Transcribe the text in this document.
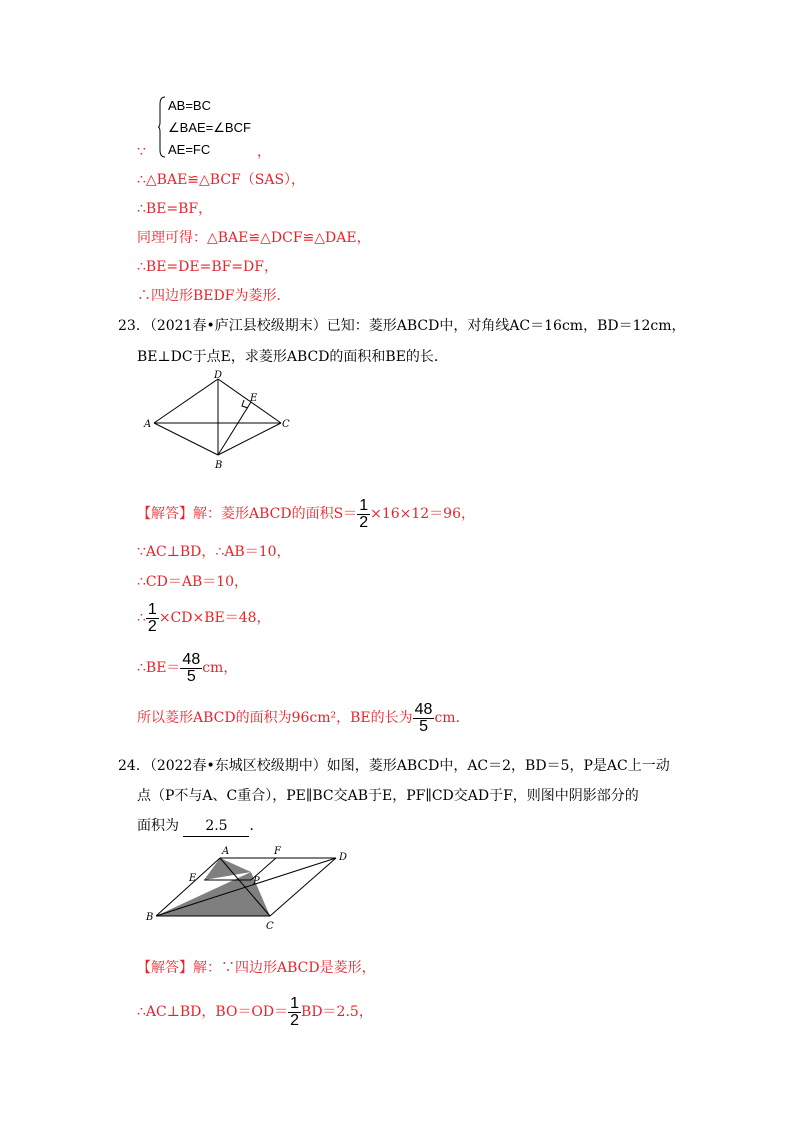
AB=BC
∠BAE=∠BCF
AE=FC
∵	，
∴△BAE≌△BCF（SAS），
∴BE=BF，
同理可得：△BAE≌△DCF≌△DAE，
∴BE=DE=BF=DF，
∴四边形BEDF为菱形．
23．（2021春•庐江县校级期末）已知：菱形ABCD中，对角线AC＝16cm，BD＝12cm，
BE⊥DC于点E，求菱形ABCD的面积和BE的长．
A
B
C
D
E
【解答】解：菱形ABCD的面积$S= \frac{1}{2} \times 16\times 12=96$，
∵AC⊥BD，∴AB＝10，
∴CD＝AB＝10，
∴ $\frac{1}{2} \times CD\times BE=48$，
∴BE＝ $\frac{48}{5}$ cm，
所以菱形ABCD的面积为96cm²，BE的长为 $\frac{48}{5}$ cm．
24．（2022春•东城区校级期中）如图，菱形ABCD中，AC＝2，BD＝5，P是AC上一动
点（P不与A、C重合），PE∥BC交AB于E，PF∥CD交AD于F，则图中阴影部分的
面积为 2.5 ．
A
B
C
D
E
F
P
【解答】解：∵四边形ABCD是菱形，
∴AC⊥BD，$BO=OD= \frac{1}{2} BD=2.5$，
